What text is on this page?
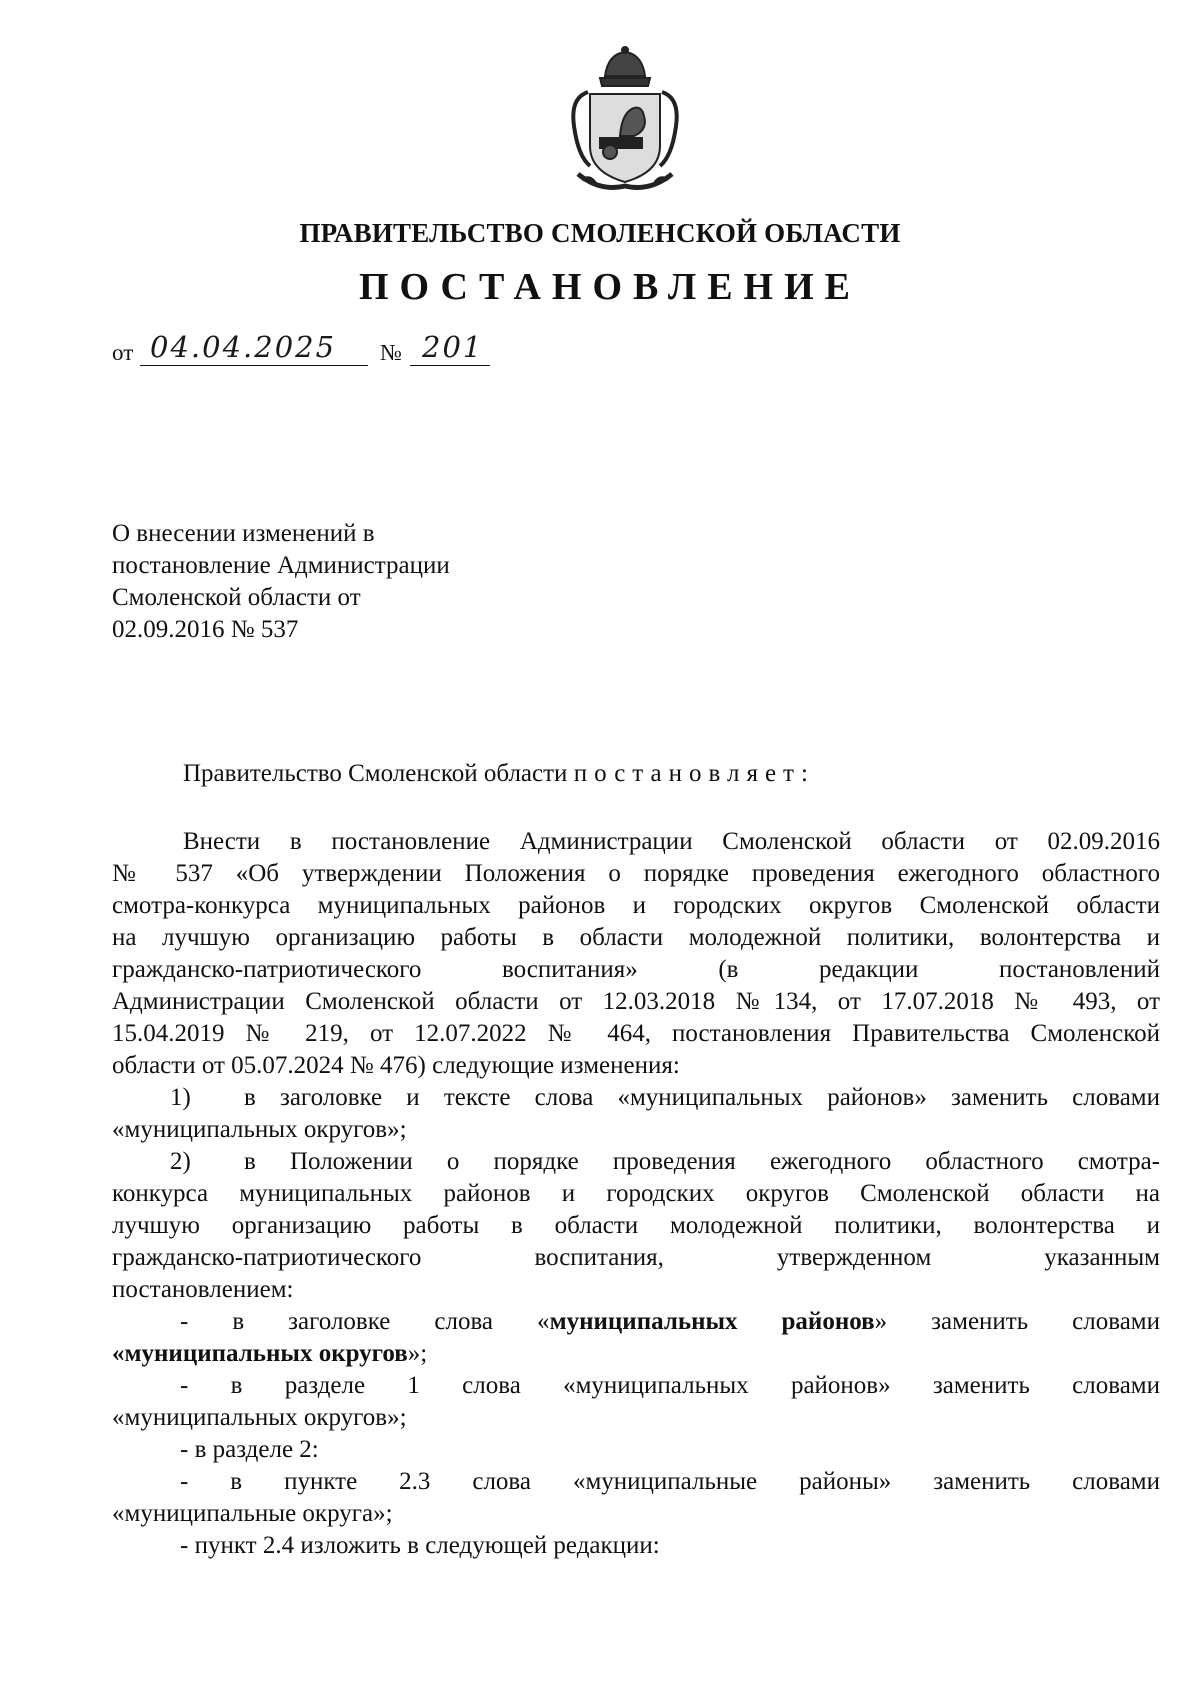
ПРАВИТЕЛЬСТВО СМОЛЕНСКОЙ ОБЛАСТИ
ПОСТАНОВЛЕНИЕ
от 04.04.2025 № 201
О внесении изменений в
постановление Администрации
Смоленской области от
02.09.2016 № 537
Правительство Смоленской области постановляет:
Внести в постановление Администрации Смоленской области от 02.09.2016
№ 537 «Об утверждении Положения о порядке проведения ежегодного областного
смотра-конкурса муниципальных районов и городских округов Смоленской области
на лучшую организацию работы в области молодежной политики, волонтерства и
гражданско-патриотического воспитания» (в редакции постановлений
Администрации Смоленской области от 12.03.2018 №134, от 17.07.2018 № 493, от
15.04.2019 № 219, от 12.07.2022 № 464, постановления Правительства Смоленской
области от 05.07.2024 № 476) следующие изменения:
1) в заголовке и тексте слова «муниципальных районов» заменить словами
«муниципальных округов»;
2) в Положении о порядке проведения ежегодного областного смотра-
конкурса муниципальных районов и городских округов Смоленской области на
лучшую организацию работы в области молодежной политики, волонтерства и
гражданско-патриотического воспитания, утвержденном указанным
постановлением:
- в заголовке слова «муниципальных районов» заменить словами
«муниципальных округов»;
- в разделе 1 слова «муниципальных районов» заменить словами
«муниципальных округов»;
- в разделе 2:
- в пункте 2.3 слова «муниципальные районы» заменить словами
«муниципальные округа»;
- пункт 2.4 изложить в следующей редакции:
